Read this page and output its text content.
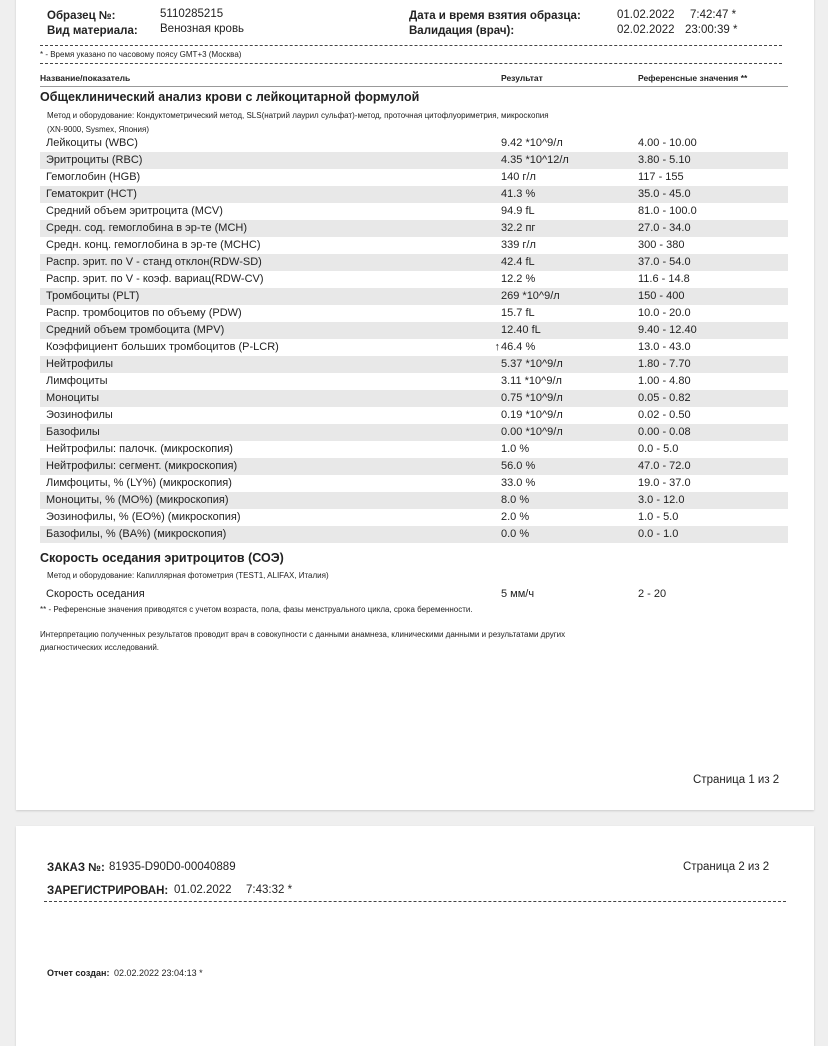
Образец №:	5110285215
Вид материала: Венозная кровь
Дата и время взятия образца:	01.02.2022 7:42:47 *
Валидация (врач):	02.02.2022 23:00:39 *
* - Время указано по часовому поясу GMT+3 (Москва)
Название/показатель	Результат	Референсные значения **
Общеклинический анализ крови с лейкоцитарной формулой
Метод и оборудование: Кондуктометрический метод, SLS(натрий лаурил сульфат)-метод, проточная цитофлуориметрия, микроскопия
(XN-9000, Sysmex, Япония)
Лейкоциты (WBC)	9.42 *10^9/л	4.00 - 10.00
Эритроциты (RBC)	4.35 *10^12/л	3.80 - 5.10
Гемоглобин (HGB)	140 г/л	117 - 155
Гематокрит (HCT)	41.3 %	35.0 - 45.0
Средний объем эритроцита (MCV)	94.9 fL	81.0 - 100.0
Средн. сод. гемоглобина в эр-те (MCH)	32.2 пг	27.0 - 34.0
Средн. конц. гемоглобина в эр-те (MCHC)	339 г/л	300 - 380
Распр. эрит. по V - станд отклон(RDW-SD)	42.4 fL	37.0 - 54.0
Распр. эрит. по V - коэф. вариац(RDW-CV)	12.2 %	11.6 - 14.8
Тромбоциты (PLT)	269 *10^9/л	150 - 400
Распр. тромбоцитов по объему (PDW)	15.7 fL	10.0 - 20.0
Средний объем тромбоцита (MPV)	12.40 fL	9.40 - 12.40
Коэффициент больших тромбоцитов (P-LCR)	↑ 46.4 %	13.0 - 43.0
Нейтрофилы	5.37 *10^9/л	1.80 - 7.70
Лимфоциты	3.11 *10^9/л	1.00 - 4.80
Моноциты	0.75 *10^9/л	0.05 - 0.82
Эозинофилы	0.19 *10^9/л	0.02 - 0.50
Базофилы	0.00 *10^9/л	0.00 - 0.08
Нейтрофилы: палочк. (микроскопия)	1.0 %	0.0 - 5.0
Нейтрофилы: сегмент. (микроскопия)	56.0 %	47.0 - 72.0
Лимфоциты, % (LY%) (микроскопия)	33.0 %	19.0 - 37.0
Моноциты, % (MO%) (микроскопия)	8.0 %	3.0 - 12.0
Эозинофилы, % (EO%) (микроскопия)	2.0 %	1.0 - 5.0
Базофилы, % (BA%) (микроскопия)	0.0 %	0.0 - 1.0
Скорость оседания эритроцитов (СОЭ)
Метод и оборудование: Капиллярная фотометрия (TEST1, ALIFAX, Италия)
Скорость оседания	5 мм/ч	2 - 20
** - Референсные значения приводятся с учетом возраста, пола, фазы менструального цикла, срока беременности.
Интерпретацию полученных результатов проводит врач в совокупности с данными анамнеза, клиническими данными и результатами других
диагностических исследований.
Страница 1 из 2
ЗАКАЗ №: 81935-D90D0-00040889	Страница 2 из 2
ЗАРЕГИСТРИРОВАН: 01.02.2022 7:43:32 *
Отчет создан: 02.02.2022 23:04:13 *
